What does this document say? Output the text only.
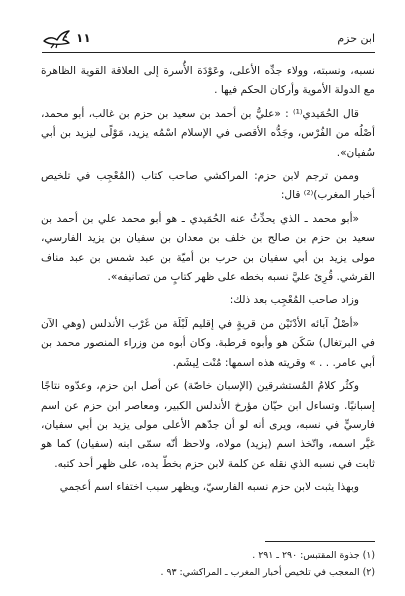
ابن حزم
١١

نسبه، ونسبته، وولاء جدِّه الأعلى، وعَوْدَة الأُسرة إلى العلاقة القوية الظاهرة مع الدولة الأموية وأركان الحكم فيها .

قال الحُمَيدي⁽¹⁾ : «عليُّ بن أحمد بن سعيد بن حزم بن غالب، أبو محمد، أصْلُه من الفُرْس، وجَدُّه الأقصى في الإسلام اسْمُه يزيد، مَوْلًى ليزيد بن أبي سُفيان».

وممن ترجم لابن حزم: المراكشي صاحب كتاب (المُعْجِب في تلخيص أخبار المغرب)⁽²⁾ قال:

«أبو محمد ـ الذي يحدِّثُ عنه الحُمَيدي ـ هو أبو محمد علي بن أحمد بن سعيد بن حزم بن صالح بن خلف بن معدان بن سفيان بن يزيد الفارسي، مولى يزيد بن أبي سفيان بن حرب بن أميّة بن عبد شمس بن عبد مناف القرشي. قُرِئ عليَّ نسبه بخطه على ظهر كتابٍ من تصانيفه».

وزاد صاحب المُعْجِب بعد ذلك:

«أصْلُ آبائه الأدْنَيْن من قريةٍ في إقليم لَبْلَة من غَرْب الأندلس (وهي الآن في البرتغال) سَكَن هو وأبوه قرطبة. وكان أبوه من وزراء المنصور محمد بن أبي عامر. . . » وقريته هذه اسمها: مُنْت لِيشَم.

وكثُر كلامُ المُستشرقين (الإسبان خاصّة) عن أصل ابن حزم، وعدّوه نتاجًا إسبانيًا. وتساءل ابن حيّان مؤرخ الأندلس الكبير، ومعاصر ابن حزم عن اسم فارسيٍّ في نسبه، ويرى أنه لو أن جدّهم الأعلى مولى يزيد بن أبي سفيان، غيَّر اسمه، واتّخذ اسم (يزيد) مولاه، ولاحظ أنّه سمّى ابنه (سفيان) كما هو ثابت في نسبه الذي نقله عن كلمة لابن حزم بخطّ يده، على ظهر أحد كتبه.

وبهذا يثبت لابن حزم نسبه الفارسيّ، ويظهر سبب اختفاء اسم أعجمي

(١) جذوة المقتبس: ٢٩٠ ـ ٢٩١ .
(٢) المعجب في تلخيص أخبار المغرب ـ المراكشي: ٩٣ .
